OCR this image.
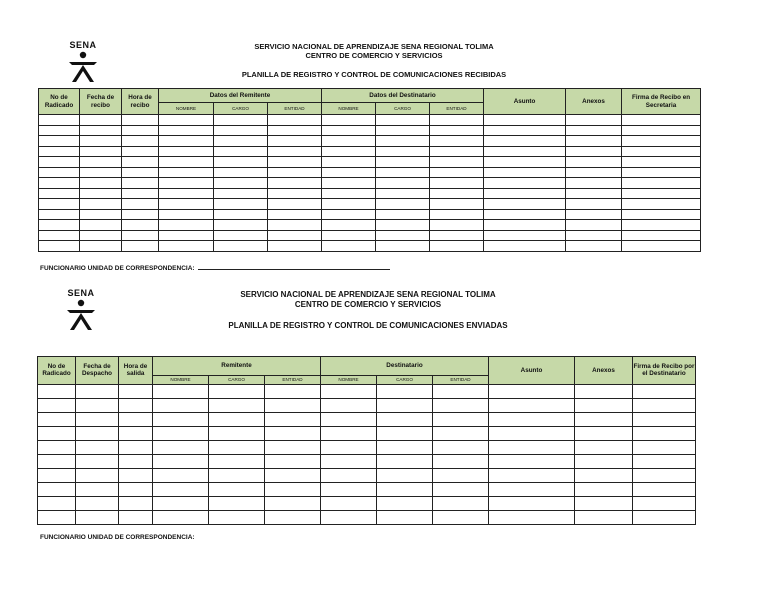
SENA	SERVICIO NACIONAL DE APRENDIZAJE SENA REGIONAL TOLIMA
CENTRO DE COMERCIO Y SERVICIOS
PLANILLA DE REGISTRO Y CONTROL DE COMUNICACIONES RECIBIDAS
No de Radicado	Fecha de recibo	Hora de recibo	Datos del Remitente			Datos del Destinatario			Asunto	Anexos	Firma de Recibo en Secretaria
			NOMBRE	CARGO	ENTIDAD	NOMBRE	CARGO	ENTIDAD			

FUNCIONARIO UNIDAD DE CORRESPONDENCIA:
SENA	SERVICIO NACIONAL DE APRENDIZAJE SENA REGIONAL TOLIMA
CENTRO DE COMERCIO Y SERVICIOS
PLANILLA DE REGISTRO Y CONTROL DE COMUNICACIONES ENVIADAS
No de Radicado	Fecha de Despacho	Hora de salida	Remitente			Destinatario			Asunto	Anexos	Firma de Recibo por el Destinatario
			NOMBRE	CARGO	ENTIDAD	NOMBRE	CARGO	ENTIDAD			

FUNCIONARIO UNIDAD DE CORRESPONDENCIA:
